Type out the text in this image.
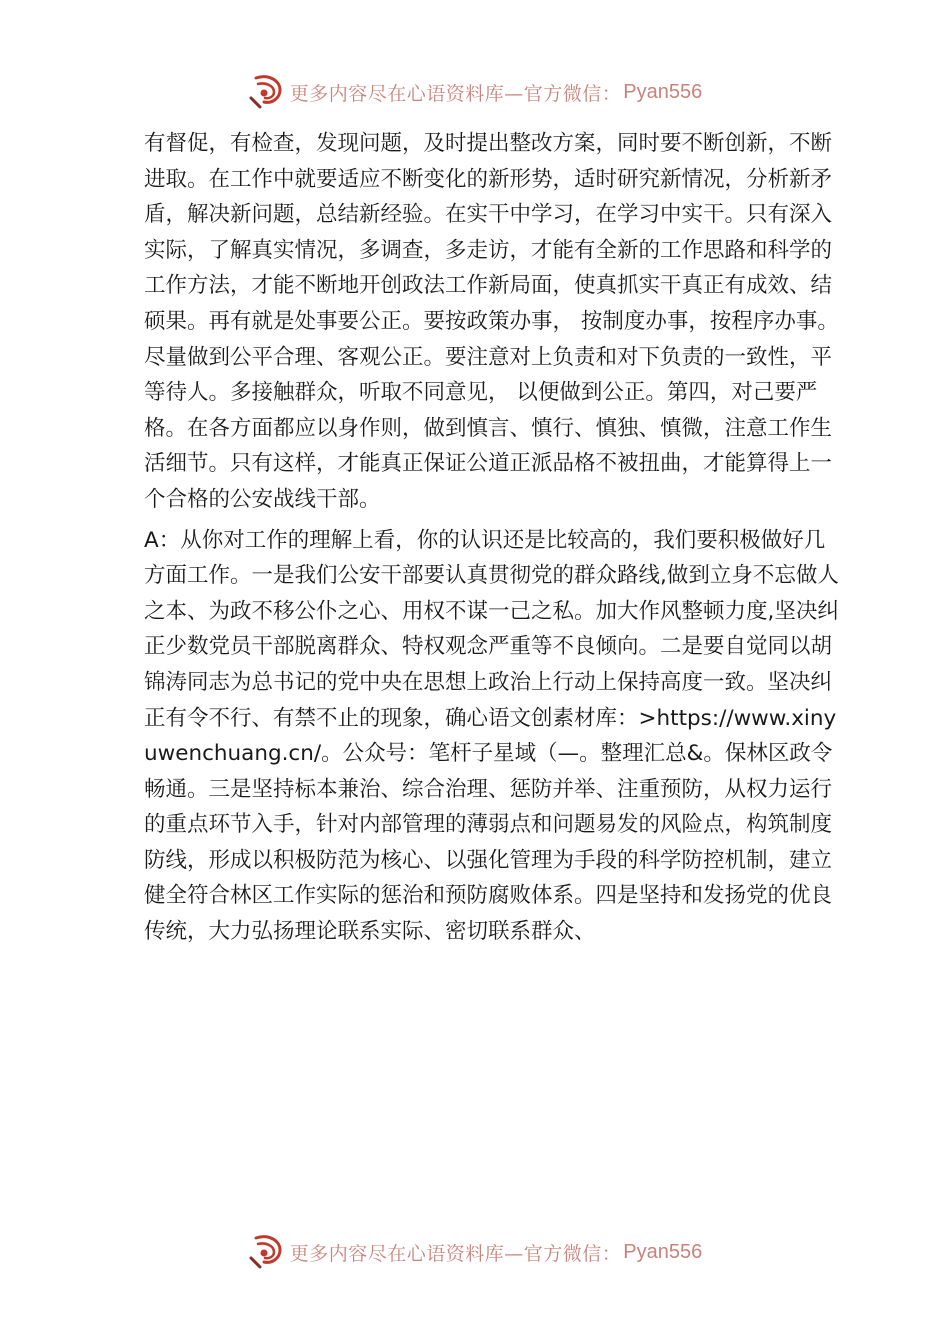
更多内容尽在心语资料库—官方微信： Pyan556

有督促，有检查，发现问题，及时提出整改方案，同时要不断创新，不断进取。在工作中就要适应不断变化的新形势，适时研究新情况，分析新矛盾，解决新问题，总结新经验。在实干中学习，在学习中实干。只有深入实际，了解真实情况，多调查，多走访，才能有全新的工作思路和科学的工作方法，才能不断地开创政法工作新局面，使真抓实干真正有成效、结硕果。再有就是处事要公正。要按政策办事， 按制度办事，按程序办事。尽量做到公平合理、客观公正。要注意对上负责和对下负责的一致性，平等待人。多接触群众，听取不同意见， 以便做到公正。第四，对己要严格。在各方面都应以身作则，做到慎言、慎行、慎独、慎微，注意工作生活细节。只有这样，才能真正保证公道正派品格不被扭曲，才能算得上一个合格的公安战线干部。

A：从你对工作的理解上看，你的认识还是比较高的，我们要积极做好几方面工作。一是我们公安干部要认真贯彻党的群众路线,做到立身不忘做人之本、为政不移公仆之心、用权不谋一己之私。加大作风整顿力度,坚决纠正少数党员干部脱离群众、特权观念严重等不良倾向。二是要自觉同以胡锦涛同志为总书记的党中央在思想上政治上行动上保持高度一致。坚决纠正有令不行、有禁不止的现象，确心语文创素材库：>https://www.xinyuwenchuang.cn/。公众号：笔杆子星域（—。整理汇总&。保林区政令畅通。三是坚持标本兼治、综合治理、惩防并举、注重预防，从权力运行的重点环节入手，针对内部管理的薄弱点和问题易发的风险点，构筑制度防线，形成以积极防范为核心、以强化管理为手段的科学防控机制，建立健全符合林区工作实际的惩治和预防腐败体系。四是坚持和发扬党的优良传统，大力弘扬理论联系实际、密切联系群众、

更多内容尽在心语资料库—官方微信： Pyan556
